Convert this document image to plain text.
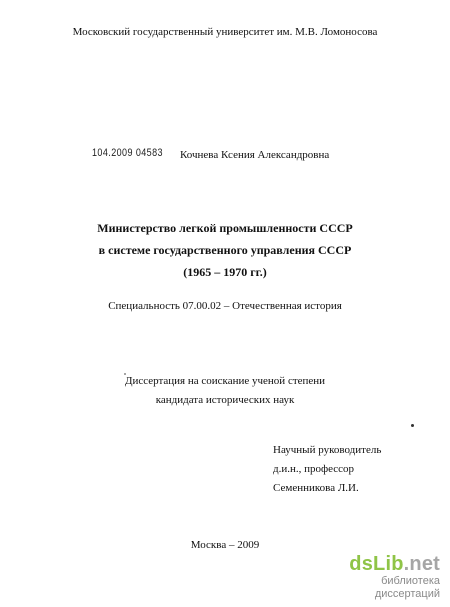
Московский государственный университет им. М.В. Ломоносова
104.2009 04583 Кочнева Ксения Александровна
Министерство легкой промышленности СССР
в системе государственного управления СССР
(1965 – 1970 гг.)
Специальность 07.00.02 – Отечественная история
Диссертация на соискание ученой степени
кандидата исторических наук
Научный руководитель
д.и.н., профессор
Семенникова Л.И.
Москва – 2009
dsLib.net
библиотека диссертаций
